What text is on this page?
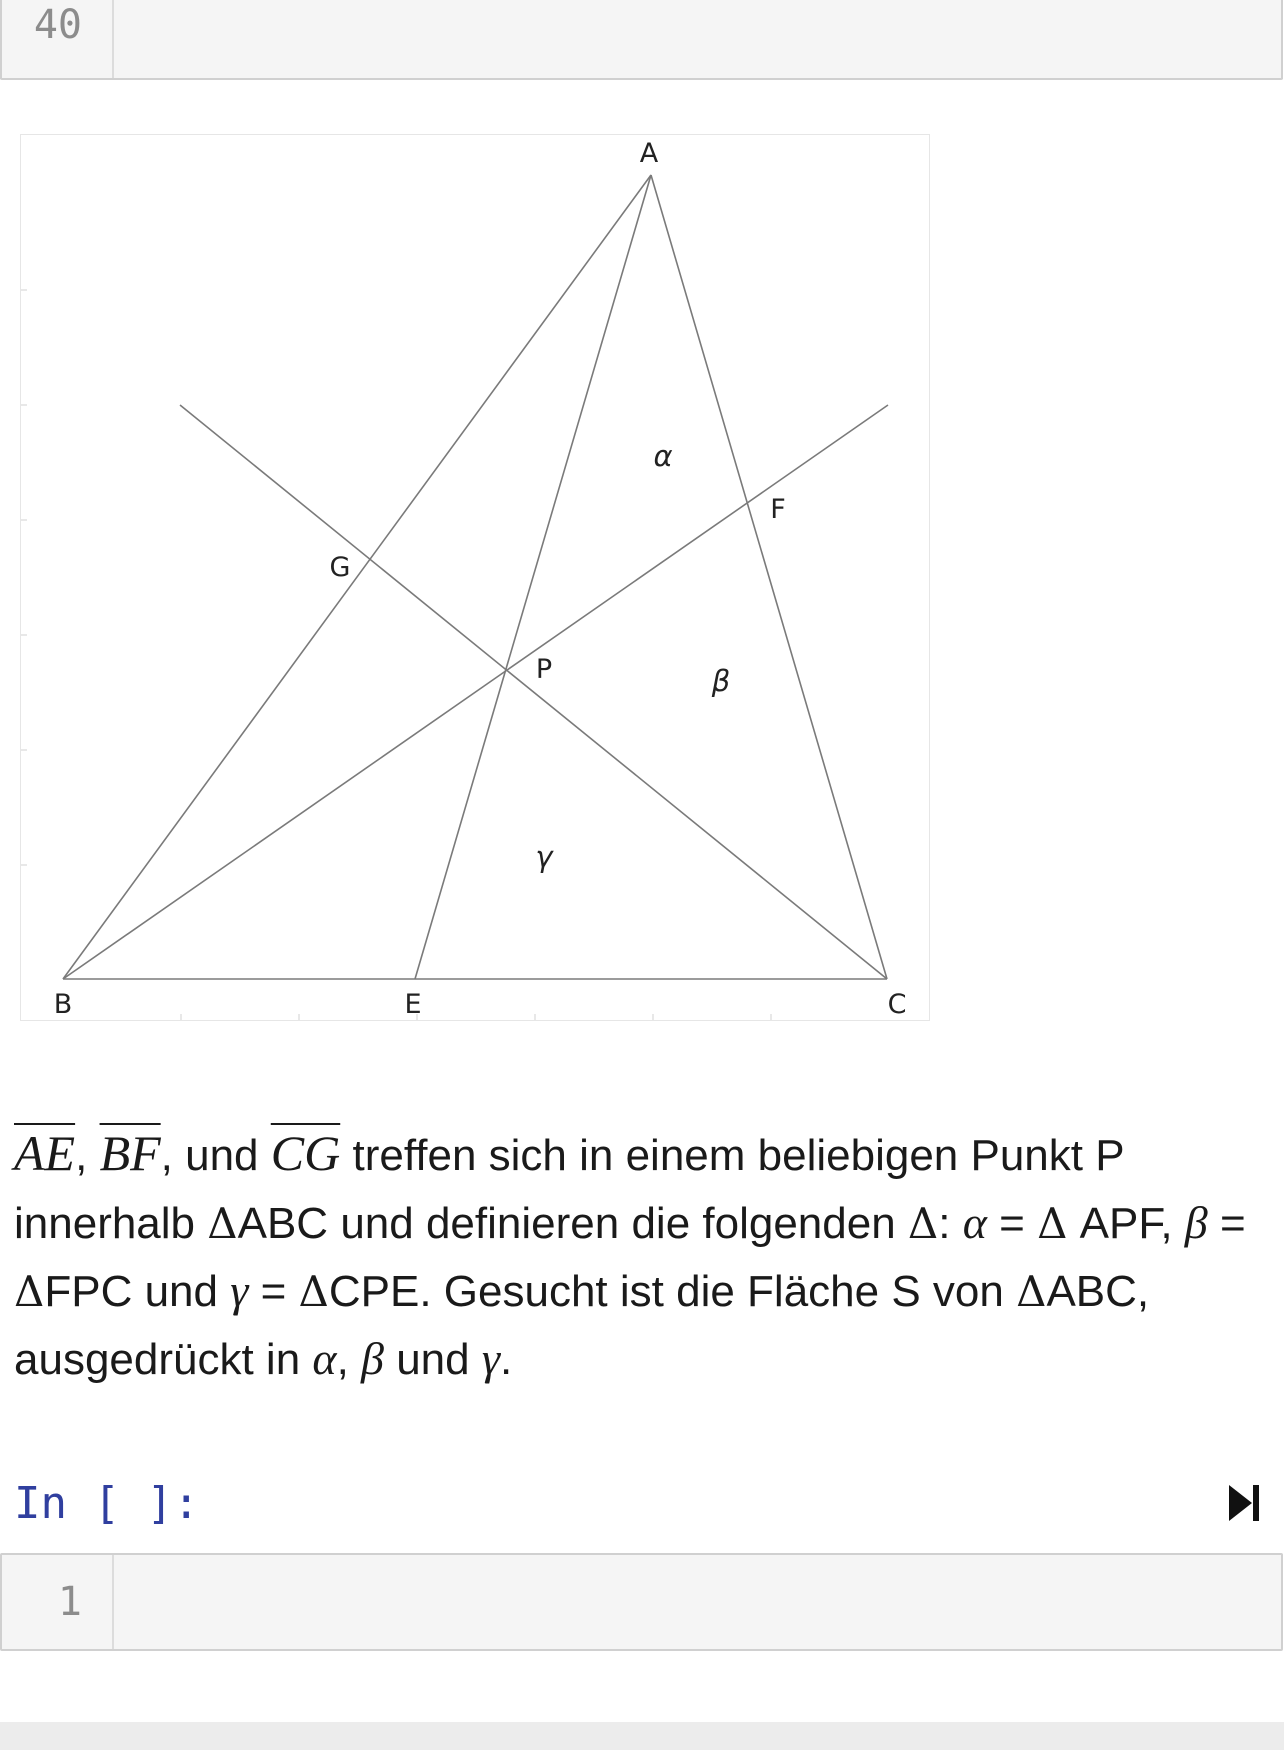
40
A
B	C
E
F
G
P
α
β
γ
$\overline{AE}$, $\overline{BF}$, und $\overline{CG}$ treffen sich in einem beliebigen Punkt P innerhalb ΔABC und definieren die folgenden Δ: α = Δ APF, β = ΔFPC und γ = ΔCPE. Gesucht ist die Fläche S von ΔABC, ausgedrückt in α, β und γ.
In [ ]:
1
